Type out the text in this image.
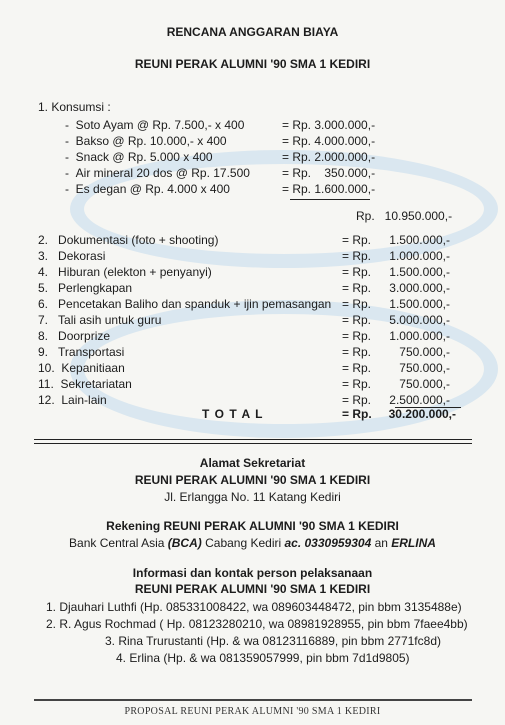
RENCANA ANGGARAN BIAYA
REUNI PERAK ALUMNI '90 SMA 1 KEDIRI
1. Konsumsi :
-  Soto Ayam @ Rp. 7.500,- x 400	= Rp. 3.000.000,-
-  Bakso @ Rp. 10.000,- x 400	= Rp. 4.000.000,-
-  Snack @ Rp. 5.000 x 400	= Rp. 2.000.000,-
-  Air mineral 20 dos @ Rp. 17.500	= Rp.    350.000,-
-  Es degan @ Rp. 4.000 x 400	= Rp. 1.600.000,-
Rp.   10.950.000,-
2. Dokumentasi (foto + shooting)	= Rp.	1.500.000,-
3. Dekorasi	= Rp.	1.000.000,-
4. Hiburan (elekton + penyanyi)	= Rp.	1.500.000,-
5. Perlengkapan	= Rp.	3.000.000,-
6. Pencetakan Baliho dan spanduk + ijin pemasangan = Rp.	1.500.000,-
7. Tali asih untuk guru	= Rp.	5.000.000,-
8. Doorprize	= Rp.	1.000.000,-
9. Transportasi	= Rp.	750.000,-
10. Kepanitiaan	= Rp.	750.000,-
11. Sekretariatan	= Rp.	750.000,-
12. Lain-lain	= Rp.	2.500.000,-
T O T A L	= Rp.	30.200.000,-
Alamat Sekretariat
REUNI PERAK ALUMNI '90 SMA 1 KEDIRI
Jl. Erlangga No. 11 Katang Kediri
Rekening REUNI PERAK ALUMNI '90 SMA 1 KEDIRI
Bank Central Asia (BCA) Cabang Kediri ac. 0330959304 an ERLINA
Informasi dan kontak person pelaksanaan
REUNI PERAK ALUMNI '90 SMA 1 KEDIRI
1. Djauhari Luthfi (Hp. 085331008422, wa 089603448472, pin bbm 3135488e)
2. R. Agus Rochmad ( Hp. 08123280210, wa 08981928955, pin bbm 7faee4bb)
3. Rina Trurustanti (Hp. & wa 08123116889, pin bbm 2771fc8d)
4. Erlina (Hp. & wa 081359057999, pin bbm 7d1d9805)
PROPOSAL REUNI PERAK ALUMNI '90 SMA 1 KEDIRI
